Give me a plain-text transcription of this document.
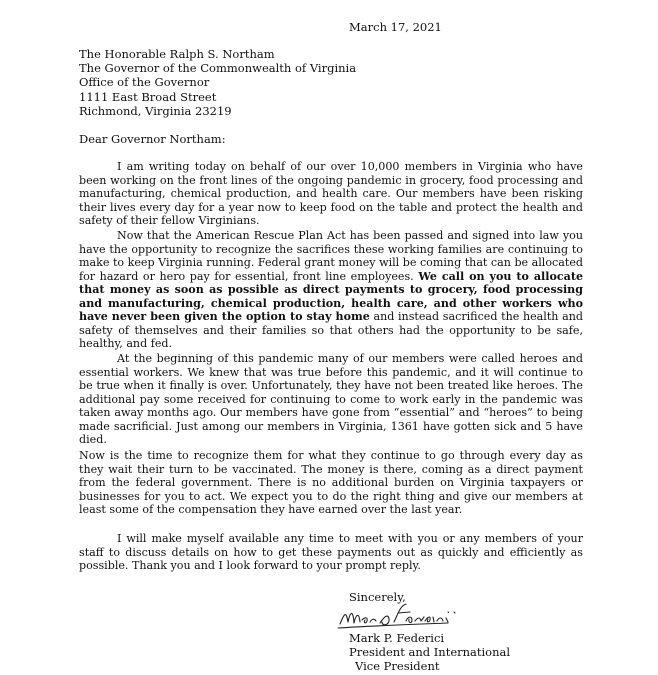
March 17, 2021
The Honorable Ralph S. Northam
The Governor of the Commonwealth of Virginia
Office of the Governor
1111 East Broad Street
Richmond, Virginia 23219
Dear Governor Northam:

I am writing today on behalf of our over 10,000 members in Virginia who have been working on the front lines of the ongoing pandemic in grocery, food processing and manufacturing, chemical production, and health care. Our members have been risking their lives every day for a year now to keep food on the table and protect the health and safety of their fellow Virginians.

Now that the American Rescue Plan Act has been passed and signed into law you have the opportunity to recognize the sacrifices these working families are continuing to make to keep Virginia running. Federal grant money will be coming that can be allocated for hazard or hero pay for essential, front line employees. We call on you to allocate that money as soon as possible as direct payments to grocery, food processing and manufacturing, chemical production, health care, and other workers who have never been given the option to stay home and instead sacrificed the health and safety of themselves and their families so that others had the opportunity to be safe, healthy, and fed.

At the beginning of this pandemic many of our members were called heroes and essential workers. We knew that was true before this pandemic, and it will continue to be true when it finally is over. Unfortunately, they have not been treated like heroes. The additional pay some received for continuing to come to work early in the pandemic was taken away months ago. Our members have gone from “essential” and “heroes” to being made sacrificial. Just among our members in Virginia, 1361 have gotten sick and 5 have died.

Now is the time to recognize them for what they continue to go through every day as they wait their turn to be vaccinated. The money is there, coming as a direct payment from the federal government. There is no additional burden on Virginia taxpayers or businesses for you to act. We expect you to do the right thing and give our members at least some of the compensation they have earned over the last year.

I will make myself available any time to meet with you or any members of your staff to discuss details on how to get these payments out as quickly and efficiently as possible. Thank you and I look forward to your prompt reply.

Sincerely,
Mark P. Federici
President and International
Vice President
